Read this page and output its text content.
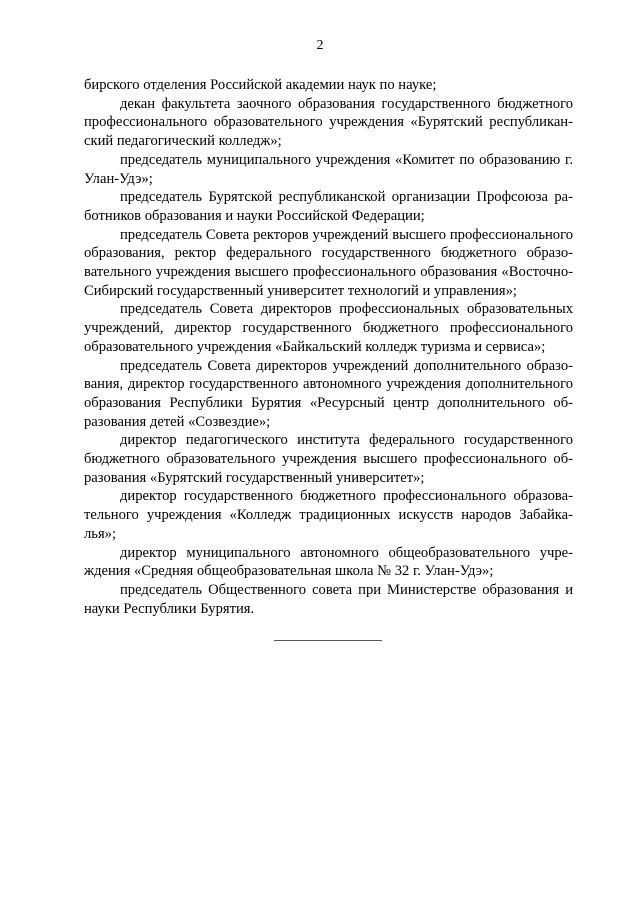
2

бирского отделения Российской академии наук по науке;

декан факультета заочного образования государственного бюджетного профессионального образовательного учреждения «Бурятский республиканский педагогический колледж»;

председатель муниципального учреждения «Комитет по образованию г. Улан-Удэ»;

председатель Бурятской республиканской организации Профсоюза работников образования и науки Российской Федерации;

председатель Совета ректоров учреждений высшего профессионального образования, ректор федерального государственного бюджетного образовательного учреждения высшего профессионального образования «Восточно-Сибирский государственный университет технологий и управления»;

председатель Совета директоров профессиональных образовательных учреждений, директор государственного бюджетного профессионального образовательного учреждения «Байкальский колледж туризма и сервиса»;

председатель Совета директоров учреждений дополнительного образования, директор государственного автономного учреждения дополнительного образования Республики Бурятия «Ресурсный центр дополнительного образования детей «Созвездие»;

директор педагогического института федерального государственного бюджетного образовательного учреждения высшего профессионального образования «Бурятский государственный университет»;

директор государственного бюджетного профессионального образовательного учреждения «Колледж традиционных искусств народов Забайкалья»;

директор муниципального автономного общеобразовательного учреждения «Средняя общеобразовательная школа № 32 г. Улан-Удэ»;

председатель Общественного совета при Министерстве образования и науки Республики Бурятия.
